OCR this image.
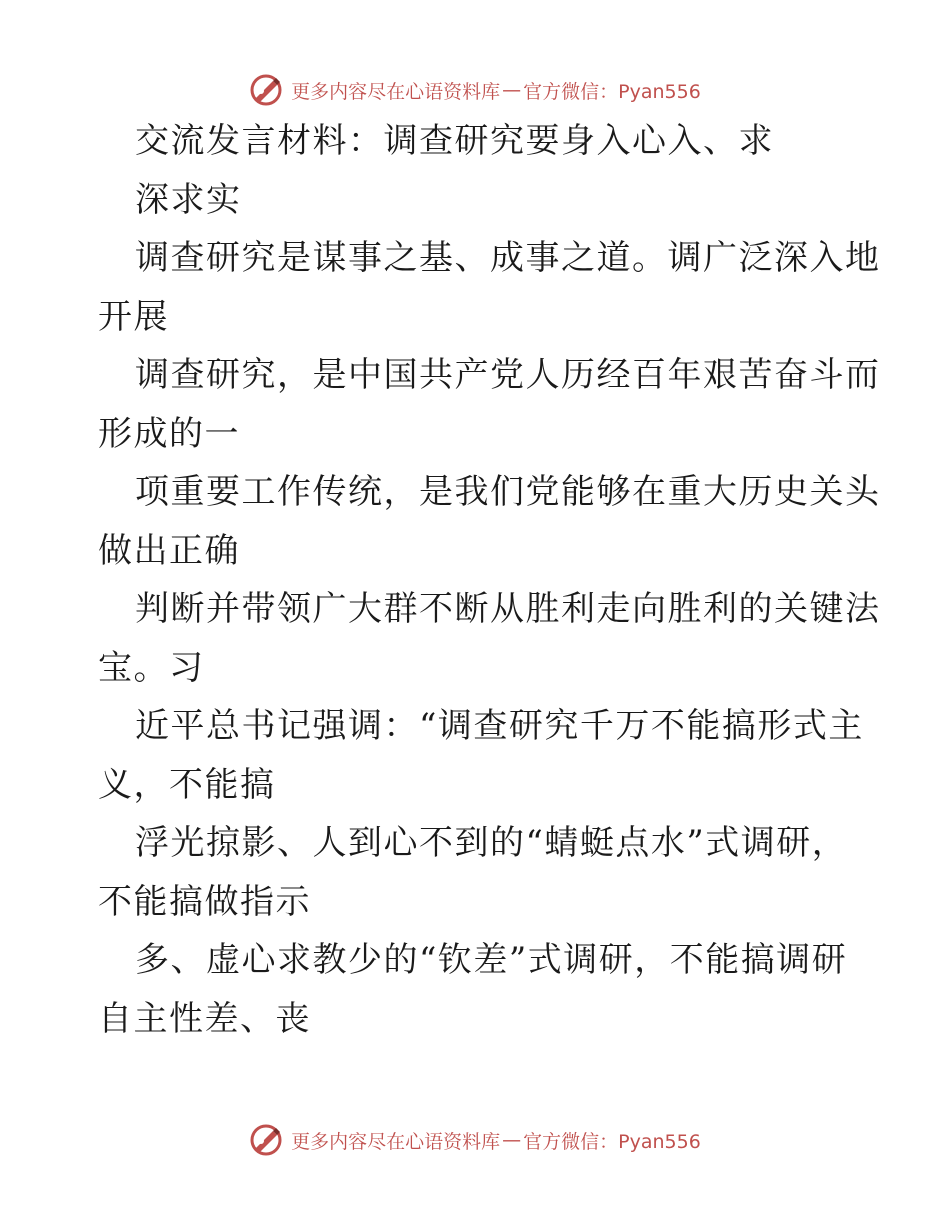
更多内容尽在心语资料库 — 官方微信：Pyan556
交流发言材料：调查研究要身入心入、求
深求实
调查研究是谋事之基、成事之道。调广泛深入地
开展
调查研究，是中国共产党人历经百年艰苦奋斗而
形成的一
项重要工作传统，是我们党能够在重大历史关头
做出正确
判断并带领广大群不断从胜利走向胜利的关键法
宝。习
近平总书记强调：“调查研究千万不能搞形式主
义，不能搞
浮光掠影、人到心不到的“蜻蜓点水”式调研，
不能搞做指示
多、虚心求教少的“钦差”式调研，不能搞调研
自主性差、丧
更多内容尽在心语资料库 — 官方微信：Pyan556
